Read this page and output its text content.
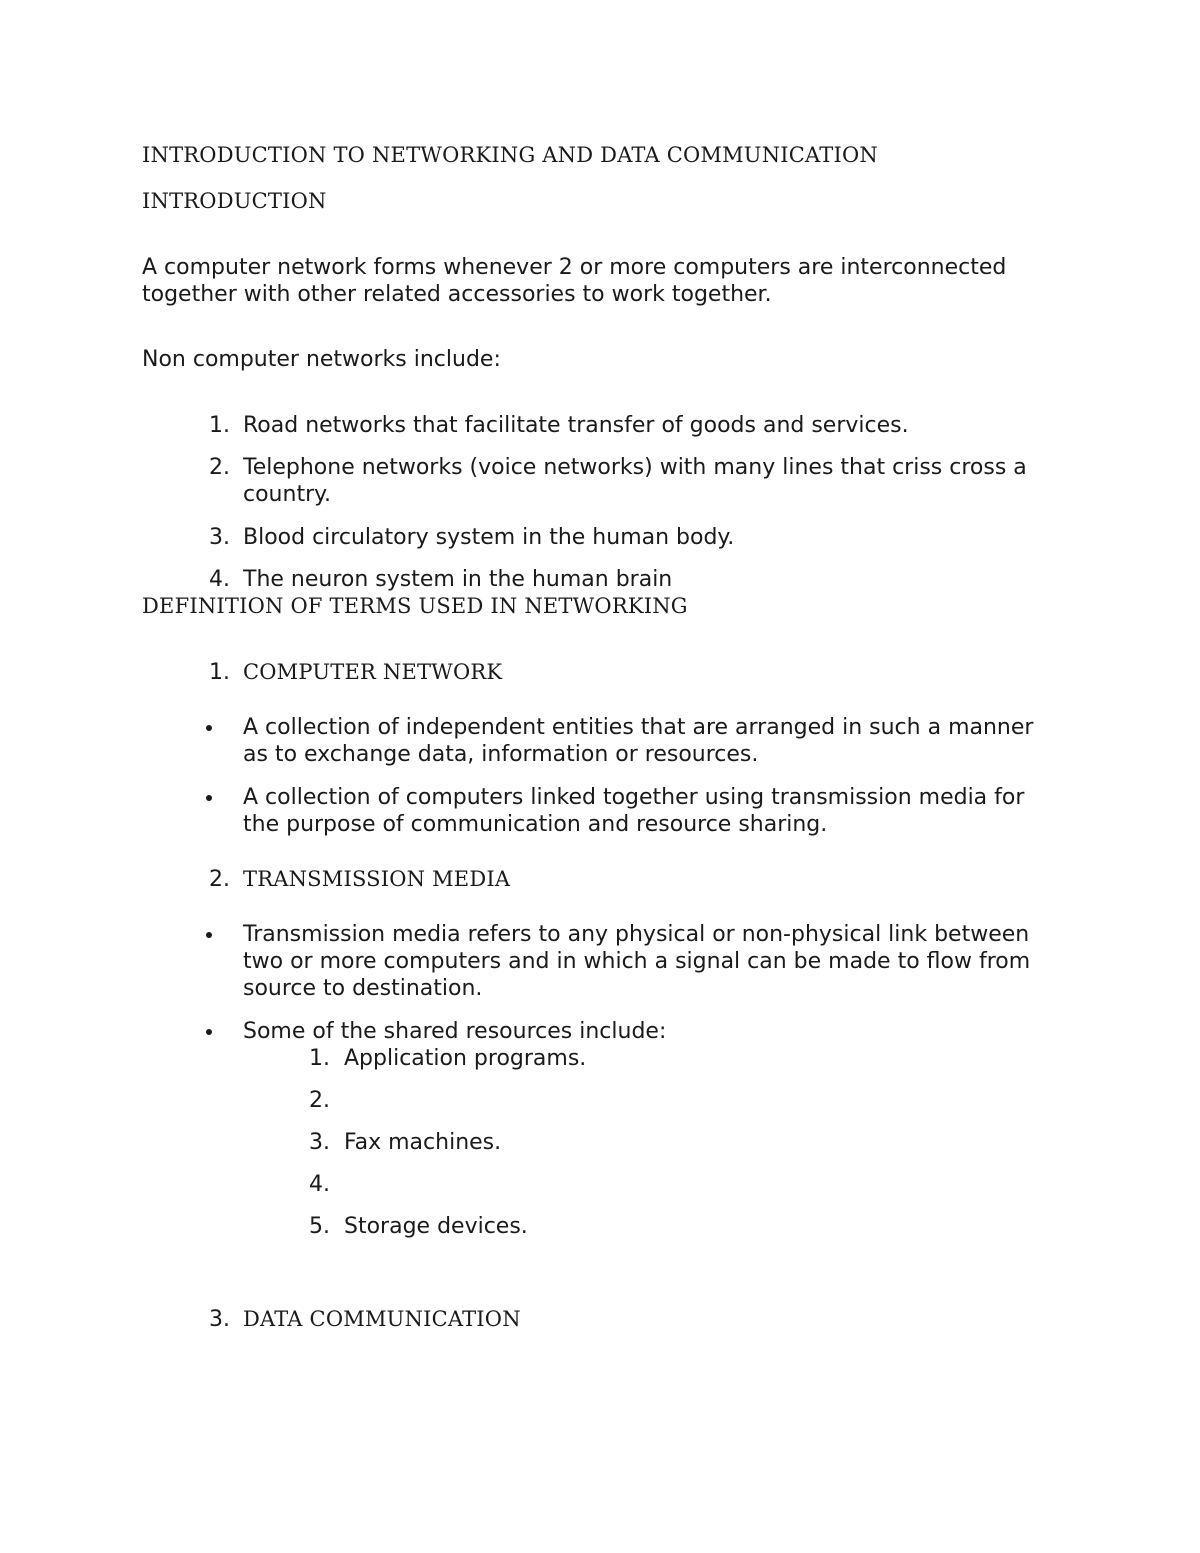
INTRODUCTION TO NETWORKING AND DATA COMMUNICATION
INTRODUCTION
A computer network forms whenever 2 or more computers are interconnected
together with other related accessories to work together.
Non computer networks include:
1. Road networks that facilitate transfer of goods and services.
2. Telephone networks (voice networks) with many lines that criss cross a
country.
3. Blood circulatory system in the human body.
4. The neuron system in the human brain
DEFINITION OF TERMS USED IN NETWORKING
1. COMPUTER NETWORK
A collection of independent entities that are arranged in such a manner
as to exchange data, information or resources.
A collection of computers linked together using transmission media for
the purpose of communication and resource sharing.
2. TRANSMISSION MEDIA
Transmission media refers to any physical or non-physical link between
two or more computers and in which a signal can be made to flow from
source to destination.
Some of the shared resources include:
1. Application programs.
2.
3. Fax machines.
4.
5. Storage devices.
3. DATA COMMUNICATION
